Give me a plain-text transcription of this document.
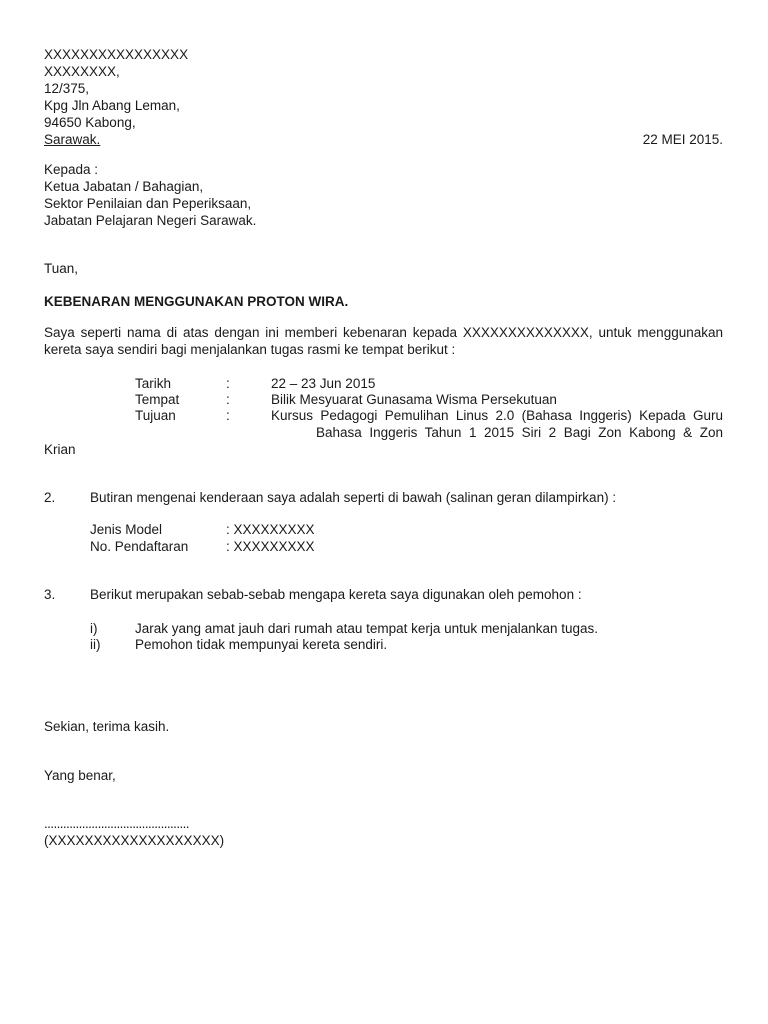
XXXXXXXXXXXXXXXX
XXXXXXXX,
12/375,
Kpg Jln Abang Leman,
94650 Kabong,
Sarawak.	22 MEI 2015.
Kepada :
Ketua Jabatan / Bahagian,
Sektor Penilaian dan Peperiksaan,
Jabatan Pelajaran Negeri Sarawak.
Tuan,
KEBENARAN MENGGUNAKAN PROTON WIRA.
Saya seperti nama di atas dengan ini memberi kebenaran kepada XXXXXXXXXXXXXX, untuk menggunakan
kereta saya sendiri bagi menjalankan tugas rasmi ke tempat berikut :
Tarikh	:	22 – 23 Jun 2015
Tempat	:	Bilik Mesyuarat Gunasama Wisma Persekutuan
Tujuan	:	Kursus Pedagogi Pemulihan Linus 2.0 (Bahasa Inggeris) Kepada Guru
Bahasa Inggeris Tahun 1 2015 Siri 2 Bagi Zon Kabong & Zon
Krian
2.	Butiran mengenai kenderaan saya adalah seperti di bawah (salinan geran dilampirkan) :
Jenis Model	: XXXXXXXXX
No. Pendaftaran	: XXXXXXXXX
3.	Berikut merupakan sebab-sebab mengapa kereta saya digunakan oleh pemohon :
i)	Jarak yang amat jauh dari rumah atau tempat kerja untuk menjalankan tugas.
ii)	Pemohon tidak mempunyai kereta sendiri.
Sekian, terima kasih.
Yang benar,
..............................................
(XXXXXXXXXXXXXXXXXXX)
